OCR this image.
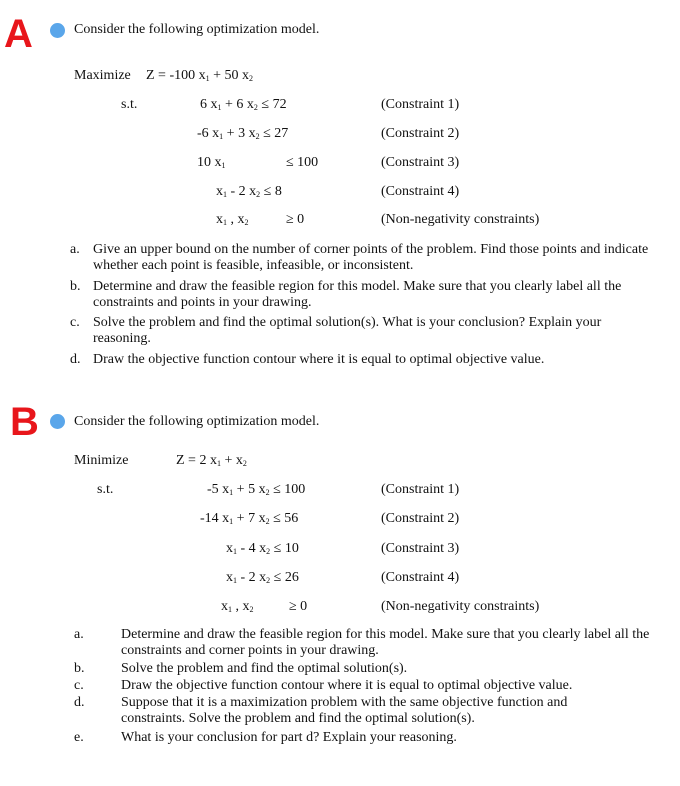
A	Consider the following optimization model.
Maximize Z = -100 $x_1 + 50$ $x_2$
s.t.	6 $x_1 + 6$ $x_2 \le 72$	(Constraint 1)
-6 $x_1 + 3$ $x_2 \le 27$	(Constraint 2)
10 $x_1$	≤ 100	(Constraint 3)
$x_1 - 2$ $x_2 \le 8$	(Constraint 4)
$x_1$ , $x_2$	≥ 0	(Non-negativity constraints)
a. Give an upper bound on the number of corner points of the problem. Find those points and indicate whether each point is feasible, infeasible, or inconsistent.
b. Determine and draw the feasible region for this model. Make sure that you clearly label all the constraints and points in your drawing.
c. Solve the problem and find the optimal solution(s). What is your conclusion? Explain your reasoning.
d. Draw the objective function contour where it is equal to optimal objective value.
B	Consider the following optimization model.
Minimize	Z = 2 $x_1 + x_2$
s.t.	-5 $x_1 + 5$ $x_2 \le 100$	(Constraint 1)
-14 $x_1 + 7$ $x_2 \le 56$	(Constraint 2)
$x_1 - 4$ $x_2 \le 10$	(Constraint 3)
$x_1 - 2$ $x_2 \le 26$	(Constraint 4)
$x_1$ , $x_2$	≥ 0	(Non-negativity constraints)
a.	Determine and draw the feasible region for this model. Make sure that you clearly label all the constraints and corner points in your drawing.
b.	Solve the problem and find the optimal solution(s).
c.	Draw the objective function contour where it is equal to optimal objective value.
d.	Suppose that it is a maximization problem with the same objective function and constraints. Solve the problem and find the optimal solution(s).
e.	What is your conclusion for part d? Explain your reasoning.
